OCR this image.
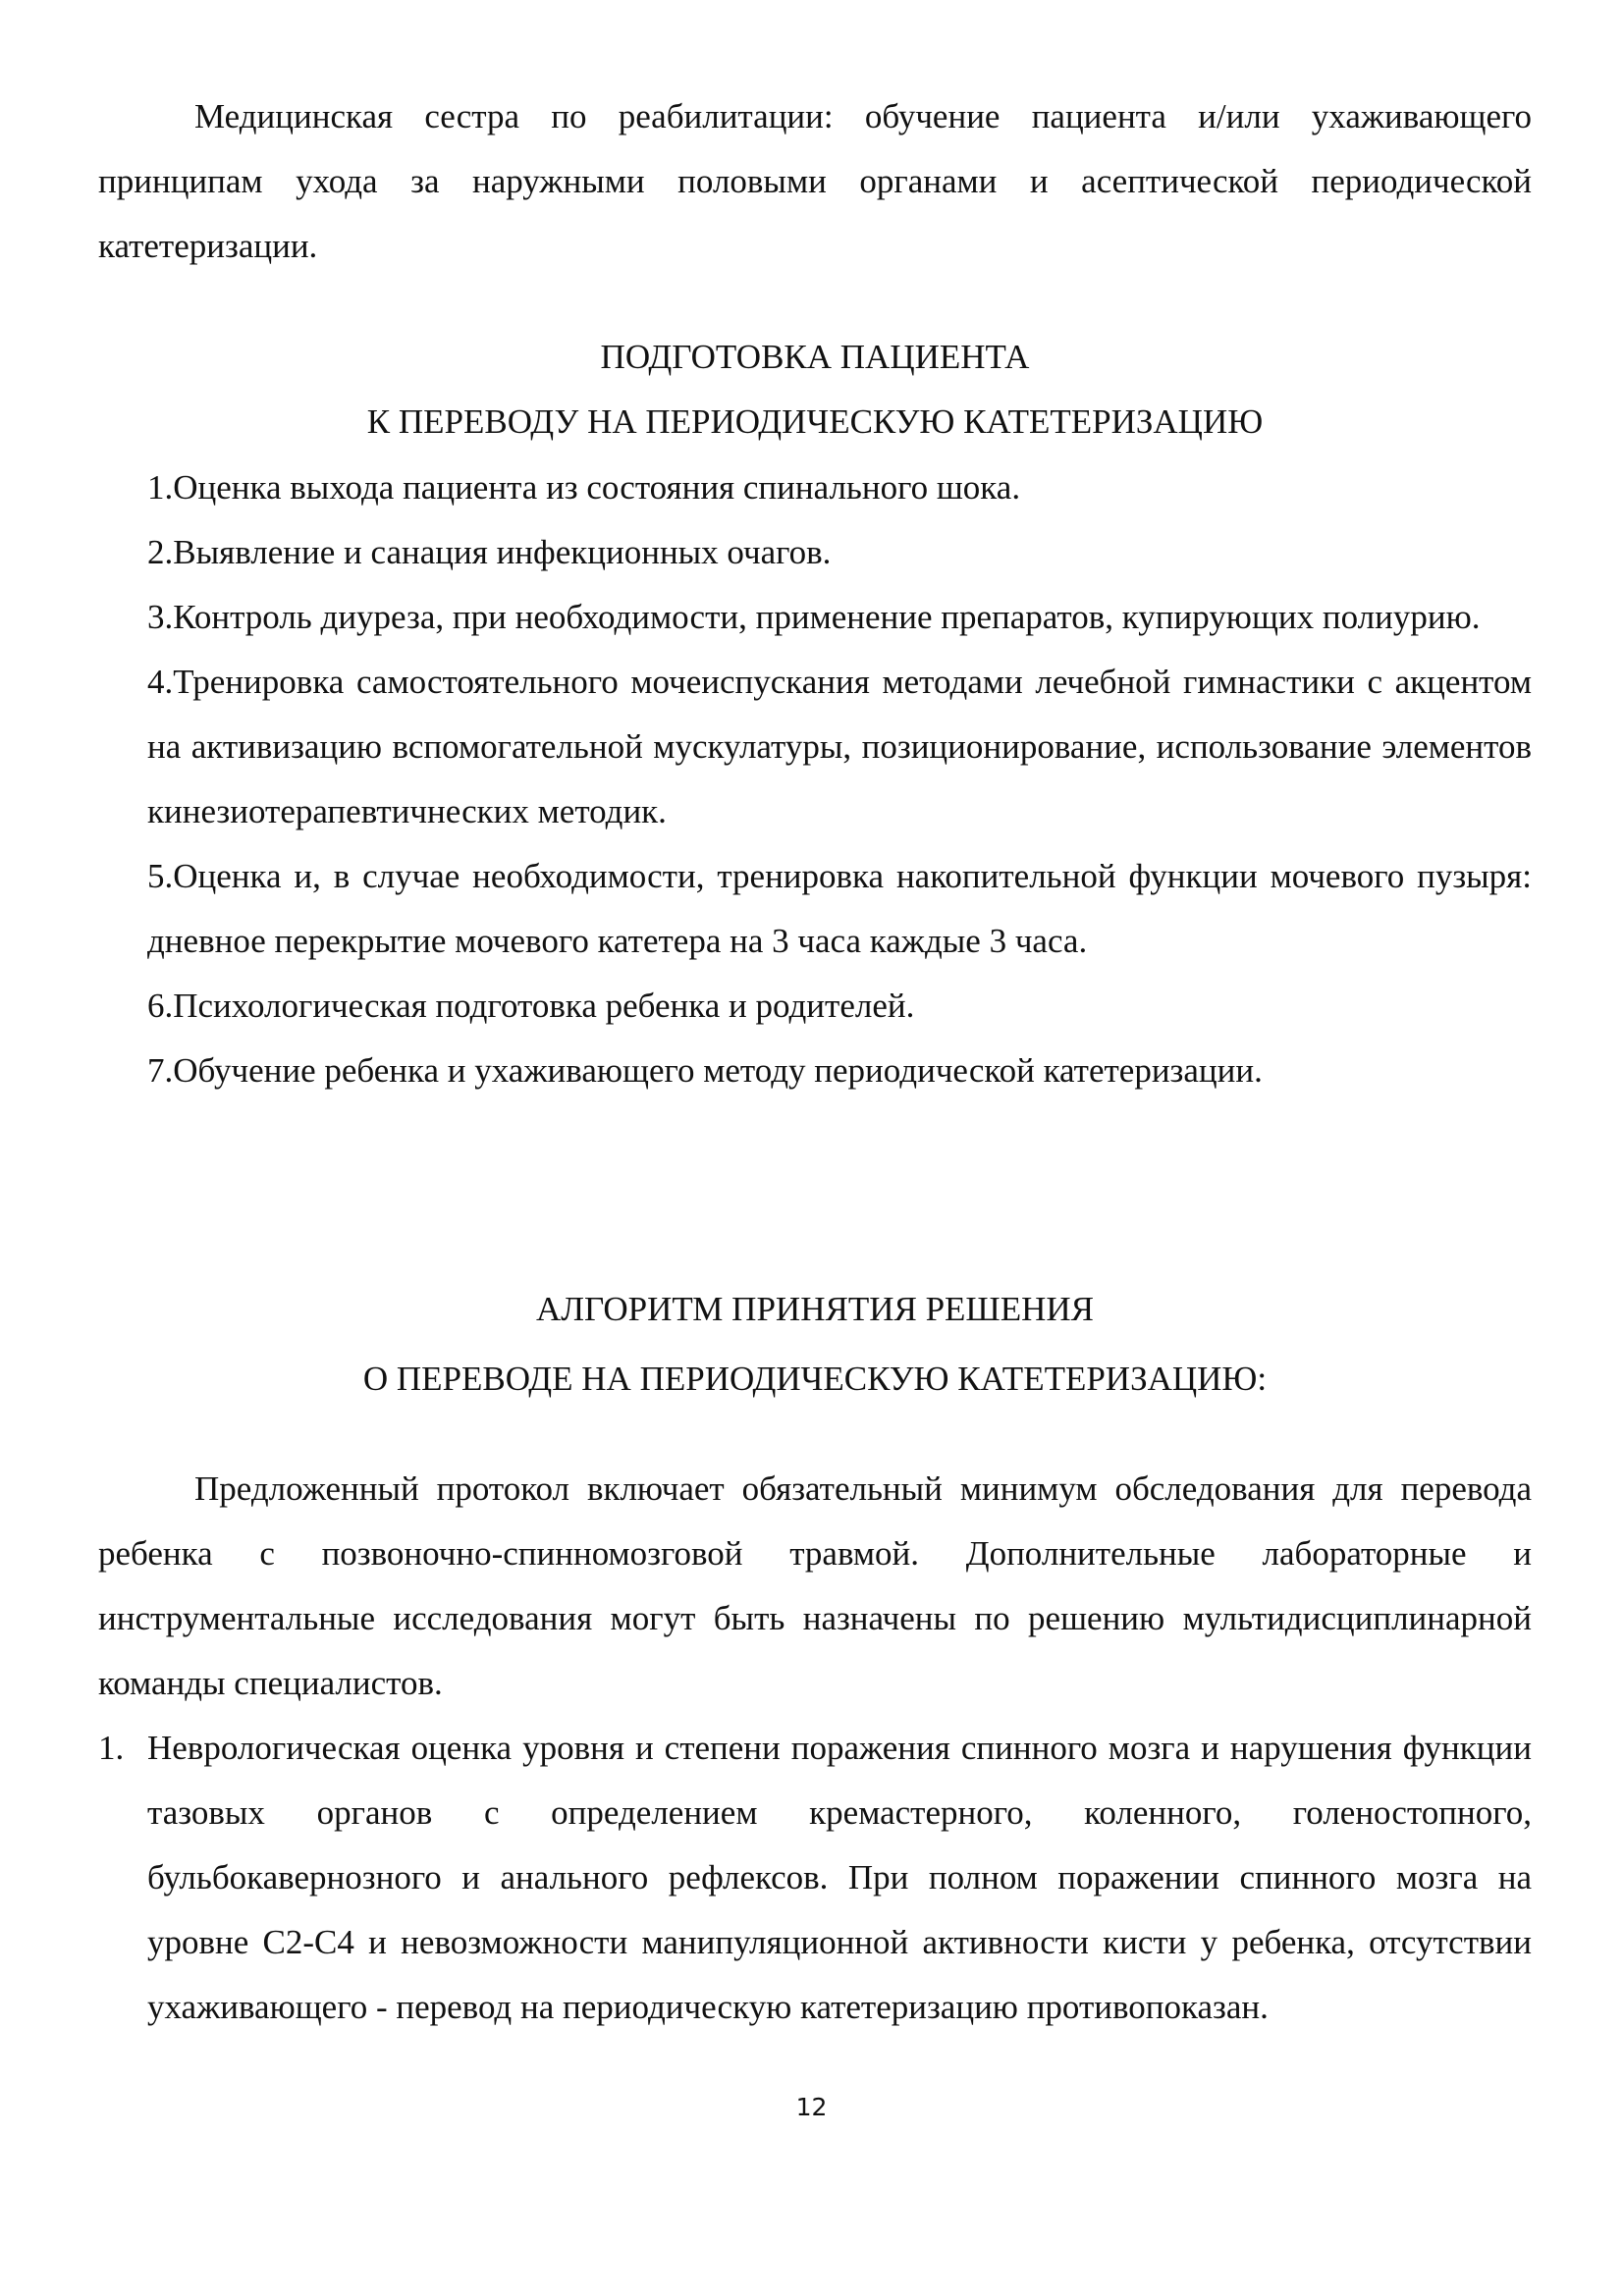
Медицинская сестра по реабилитации: обучение пациента и/или ухаживающего принципам ухода за наружными половыми органами и асептической периодической катетеризации.

ПОДГОТОВКА ПАЦИЕНТА
К ПЕРЕВОДУ НА ПЕРИОДИЧЕСКУЮ КАТЕТЕРИЗАЦИЮ
1.Оценка выхода пациента из состояния спинального шока.
2.Выявление и санация инфекционных очагов.
3.Контроль диуреза, при необходимости, применение препаратов, купирующих полиурию.
4.Тренировка самостоятельного мочеиспускания методами лечебной гимнастики с акцентом на активизацию вспомогательной мускулатуры, позиционирование, использование элементов кинезиотерапевтичнеских методик.
5.Оценка и, в случае необходимости, тренировка накопительной функции мочевого пузыря: дневное перекрытие мочевого катетера на 3 часа каждые 3 часа.
6.Психологическая подготовка ребенка и родителей.
7.Обучение ребенка и ухаживающего методу периодической катетеризации.
АЛГОРИТМ ПРИНЯТИЯ РЕШЕНИЯ
О ПЕРЕВОДЕ НА ПЕРИОДИЧЕСКУЮ КАТЕТЕРИЗАЦИЮ:

Предложенный протокол включает обязательный минимум обследования для перевода ребенка с позвоночно-спинномозговой травмой. Дополнительные лабораторные и инструментальные исследования могут быть назначены по решению мультидисциплинарной команды специалистов.

1. Неврологическая оценка уровня и степени поражения спинного мозга и нарушения функции тазовых органов с определением кремастерного, коленного, голеностопного, бульбокавернозного и анального рефлексов. При полном поражении спинного мозга на уровне С2-С4 и невозможности манипуляционной активности кисти у ребенка, отсутствии ухаживающего - перевод на периодическую катетеризацию противопоказан.
12
